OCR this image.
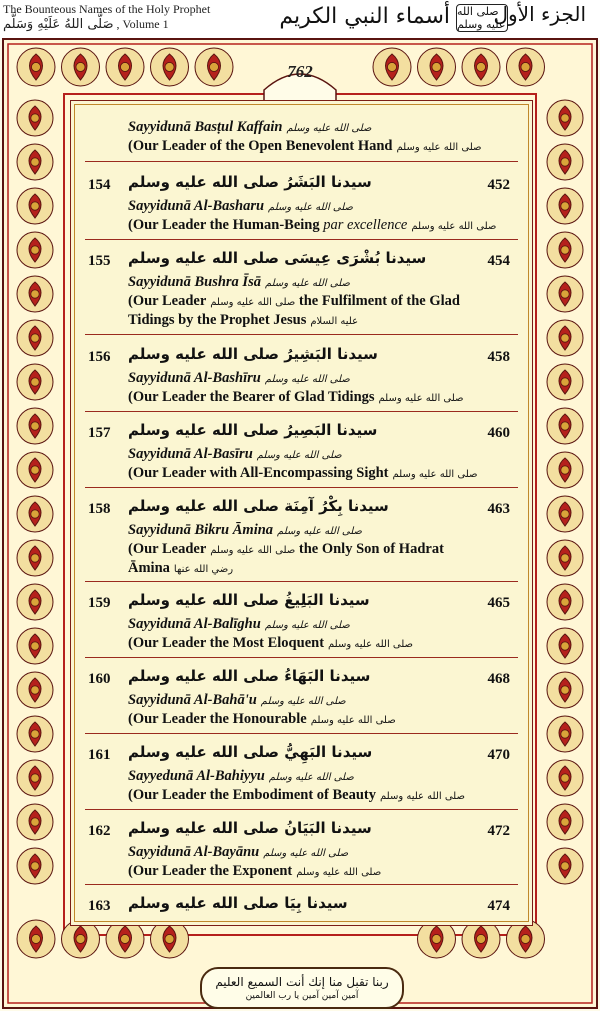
The Bounteous Names of the Holy Prophet
صَلَّى اللهُ عَلَيْهِ وَسَلَّم , Volume 1	أسماء النبي الكريم صلى الله عليه وسلم
الجزء الأول
762
Sayyidunā Basṭul Kaffain صلى الله عليه وسلم
(Our Leader of the Open Benevolent Hand صلى الله عليه وسلم
154 سيدنا البَشَرُ صلى الله عليه وسلم	452
Sayyidunā Al-Basharu صلى الله عليه وسلم
(Our Leader the Human-Being par excellence صلى الله عليه وسلم
155 سيدنا بُشْرَى عِيسَى صلى الله عليه وسلم	454
Sayyidunā Bushra Īsā صلى الله عليه وسلم
(Our Leader صلى الله عليه وسلم the Fulfilment of the Glad
Tidings by the Prophet Jesus عليه السلام
156 سيدنا البَشِيرُ صلى الله عليه وسلم	458
Sayyidunā Al-Bashīru صلى الله عليه وسلم
(Our Leader the Bearer of Glad Tidings صلى الله عليه وسلم
157 سيدنا البَصِيرُ صلى الله عليه وسلم	460
Sayyidunā Al-Basīru صلى الله عليه وسلم
(Our Leader with All-Encompassing Sight صلى الله عليه وسلم
158 سيدنا بِكْرُ آمِنَة صلى الله عليه وسلم	463
Sayyidunā Bikru Āmina صلى الله عليه وسلم
(Our Leader صلى الله عليه وسلم the Only Son of Hadrat
Āmina رضي الله عنها
159 سيدنا البَلِيغُ صلى الله عليه وسلم	465
Sayyidunā Al-Balīghu صلى الله عليه وسلم
(Our Leader the Most Eloquent صلى الله عليه وسلم
160 سيدنا البَهَاءُ صلى الله عليه وسلم	468
Sayyidunā Al-Bahā'u صلى الله عليه وسلم
(Our Leader the Honourable صلى الله عليه وسلم
161 سيدنا البَهِيُّ صلى الله عليه وسلم	470
Sayyedunā Al-Bahiyyu صلى الله عليه وسلم
(Our Leader the Embodiment of Beauty صلى الله عليه وسلم
162 سيدنا البَيَانُ صلى الله عليه وسلم	472
Sayyidunā Al-Bayānu صلى الله عليه وسلم
(Our Leader the Exponent صلى الله عليه وسلم
163 سيدنا بِيَا صلى الله عليه وسلم	474
ربنا تقبل منا إنك أنت السميع العليم
آمين آمين آمين يا رب العالمين
